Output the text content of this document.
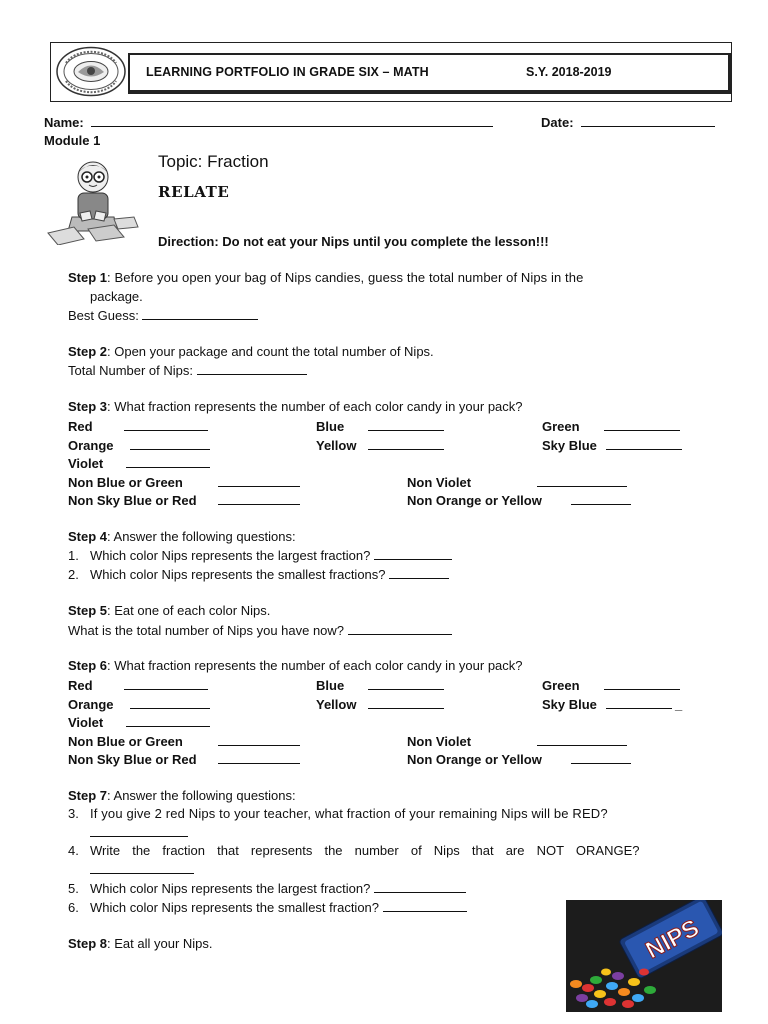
LEARNING PORTFOLIO IN GRADE SIX – MATH	S.Y. 2018-2019
Name:	Date:
Module 1
Topic: Fraction
RELATE
Direction: Do not eat your Nips until you complete the lesson!!!
Step 1: Before you open your bag of Nips candies, guess the total number of Nips in the
package.
Best Guess:
Step 2: Open your package and count the total number of Nips.
Total Number of Nips:
Step 3: What fraction represents the number of each color candy in your pack?
Red	Blue	Green
Orange	Yellow	Sky Blue
Violet
Non Blue or Green	Non Violet
Non Sky Blue or Red	Non Orange or Yellow
Step 4: Answer the following questions:
1. Which color Nips represents the largest fraction?
2. Which color Nips represents the smallest fractions?
Step 5: Eat one of each color Nips.
What is the total number of Nips you have now?
Step 6: What fraction represents the number of each color candy in your pack?
Red	Blue	Green
Orange	Yellow	Sky Blue	_
Violet
Non Blue or Green	Non Violet
Non Sky Blue or Red	Non Orange or Yellow
Step 7: Answer the following questions:
3. If you give 2 red Nips to your teacher, what fraction of your remaining Nips will be RED?
4. Write the fraction that represents the number of Nips that are NOT ORANGE?
5. Which color Nips represents the largest fraction?
6. Which color Nips represents the smallest fraction?
Step 8: Eat all your Nips.	NIPS
